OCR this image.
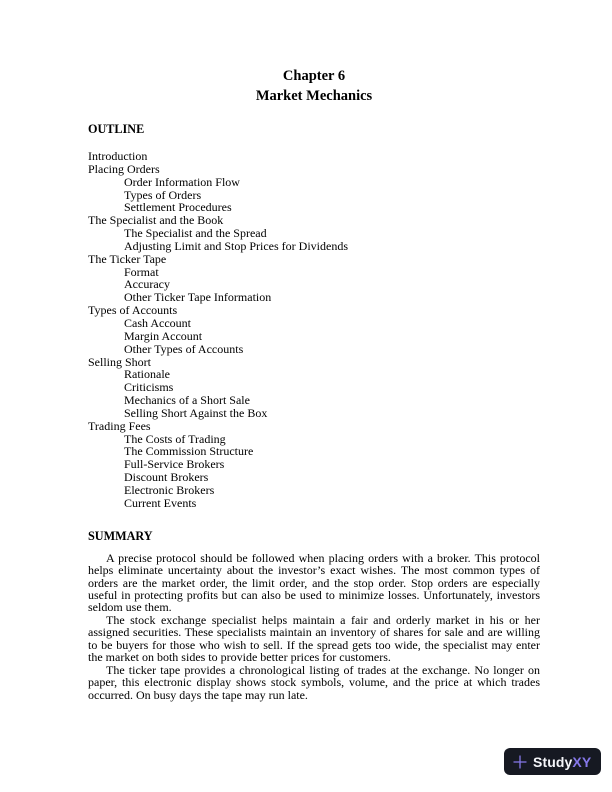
Chapter 6
Market Mechanics
OUTLINE
Introduction
Placing Orders
Order Information Flow
Types of Orders
Settlement Procedures
The Specialist and the Book
The Specialist and the Spread
Adjusting Limit and Stop Prices for Dividends
The Ticker Tape
Format
Accuracy
Other Ticker Tape Information
Types of Accounts
Cash Account
Margin Account
Other Types of Accounts
Selling Short
Rationale
Criticisms
Mechanics of a Short Sale
Selling Short Against the Box
Trading Fees
The Costs of Trading
The Commission Structure
Full-Service Brokers
Discount Brokers
Electronic Brokers
Current Events
SUMMARY

A precise protocol should be followed when placing orders with a broker. This protocol helps eliminate uncertainty about the investor’s exact wishes. The most common types of orders are the market order, the limit order, and the stop order. Stop orders are especially useful in protecting profits but can also be used to minimize losses. Unfortunately, investors seldom use them.

The stock exchange specialist helps maintain a fair and orderly market in his or her assigned securities. These specialists maintain an inventory of shares for sale and are willing to be buyers for those who wish to sell. If the spread gets too wide, the specialist may enter the market on both sides to provide better prices for customers.

The ticker tape provides a chronological listing of trades at the exchange. No longer on paper, this electronic display shows stock symbols, volume, and the price at which trades occurred. On busy days the tape may run late.

StudyXY
